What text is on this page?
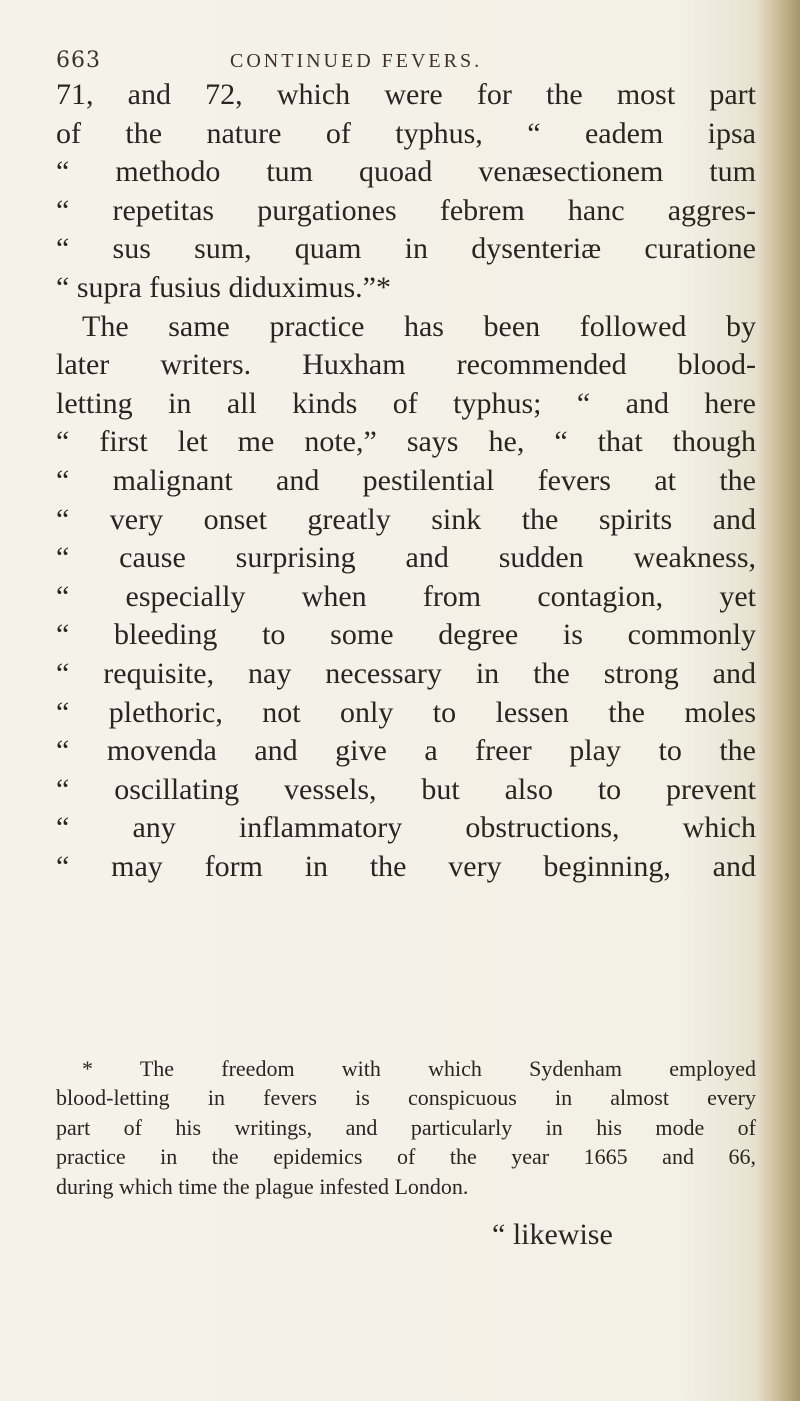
663	CONTINUED FEVERS.
71, and 72, which were for the most part
of the nature of typhus, “ eadem ipsa
“ methodo tum quoad venæsectionem tum
“ repetitas purgationes febrem hanc aggres-
“ sus sum, quam in dysenteriæ curatione
“ supra fusius diduximus.”*
The same practice has been followed by
later writers. Huxham recommended blood-
letting in all kinds of typhus; “ and here
“ first let me note,” says he, “ that though
“ malignant and pestilential fevers at the
“ very onset greatly sink the spirits and
“ cause surprising and sudden weakness,
“ especially when from contagion, yet
“ bleeding to some degree is commonly
“ requisite, nay necessary in the strong and
“ plethoric, not only to lessen the moles
“ movenda and give a freer play to the
“ oscillating vessels, but also to prevent
“ any inflammatory obstructions, which
“ may form in the very beginning, and
* The freedom with which Sydenham employed
blood-letting in fevers is conspicuous in almost every
part of his writings, and particularly in his mode of
practice in the epidemics of the year 1665 and 66,
during which time the plague infested London.
“ likewise
